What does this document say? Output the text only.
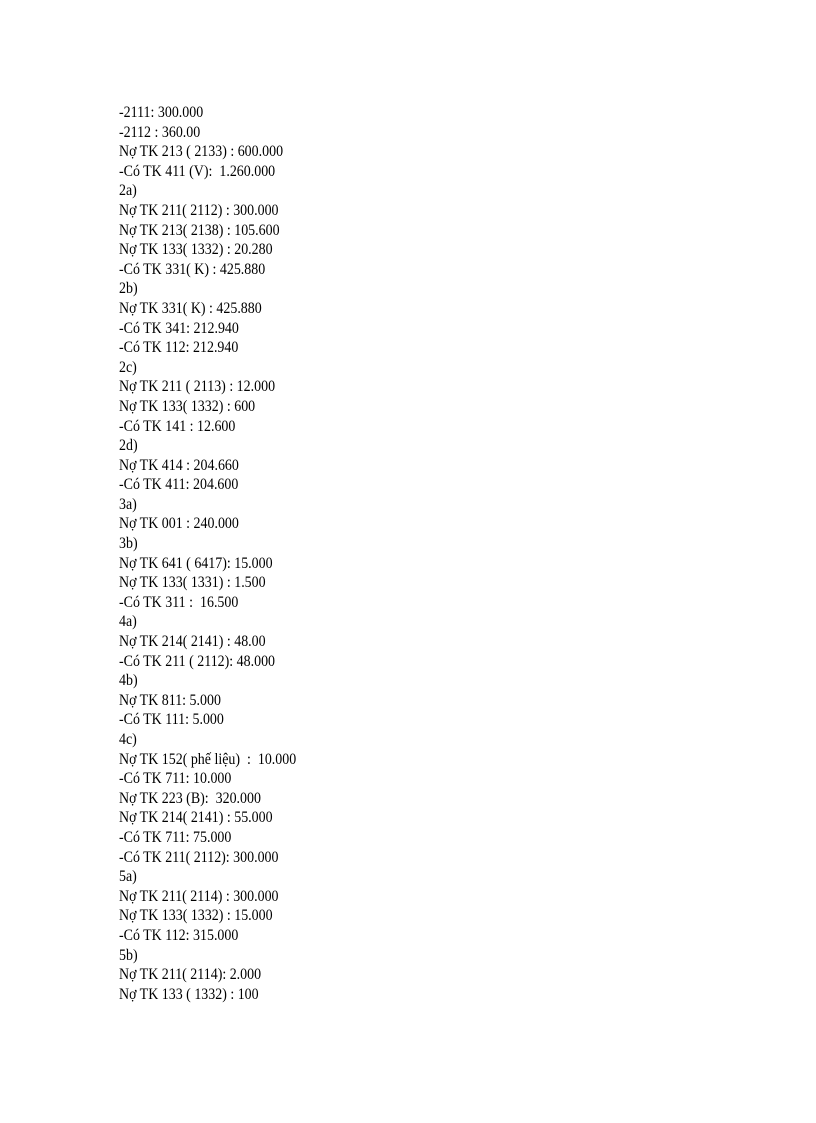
-2111: 300.000
-2112 : 360.00
Nợ TK 213 ( 2133) : 600.000
-Có TK 411 (V):  1.260.000
2a)
Nợ TK 211( 2112) : 300.000
Nợ TK 213( 2138) : 105.600
Nợ TK 133( 1332) : 20.280
-Có TK 331( K) : 425.880
2b)
Nợ TK 331( K) : 425.880
-Có TK 341: 212.940
-Có TK 112: 212.940
2c)
Nợ TK 211 ( 2113) : 12.000
Nợ TK 133( 1332) : 600
-Có TK 141 : 12.600
2d)
Nợ TK 414 : 204.660
-Có TK 411: 204.600
3a)
Nợ TK 001 : 240.000
3b)
Nợ TK 641 ( 6417): 15.000
Nợ TK 133( 1331) : 1.500
-Có TK 311 :  16.500
4a)
Nợ TK 214( 2141) : 48.00
-Có TK 211 ( 2112): 48.000
4b)
Nợ TK 811: 5.000
-Có TK 111: 5.000
4c)
Nợ TK 152( phế liệu)  :  10.000
-Có TK 711: 10.000
Nợ TK 223 (B):  320.000
Nợ TK 214( 2141) : 55.000
-Có TK 711: 75.000
-Có TK 211( 2112): 300.000
5a)
Nợ TK 211( 2114) : 300.000
Nợ TK 133( 1332) : 15.000
-Có TK 112: 315.000
5b)
Nợ TK 211( 2114): 2.000
Nợ TK 133 ( 1332) : 100
